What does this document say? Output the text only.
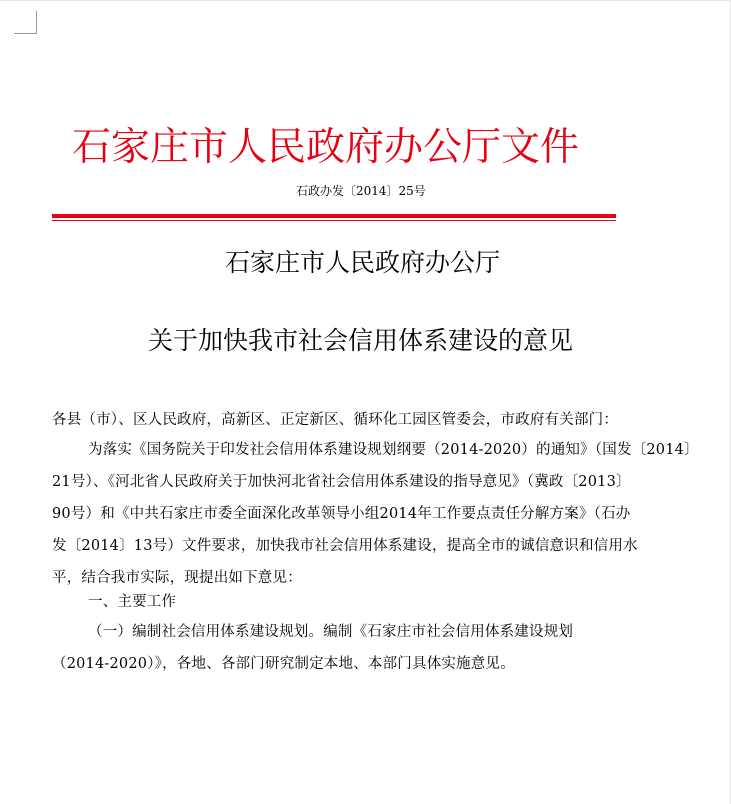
石家庄市人民政府办公厅文件
石政办发〔2014〕25号
石家庄市人民政府办公厅
关于加快我市社会信用体系建设的意见
各县（市）、区人民政府，高新区、正定新区、循环化工园区管委会，市政府有关部门：
为落实《国务院关于印发社会信用体系建设规划纲要（2014-2020）的通知》（国发〔2014〕
21号）、《河北省人民政府关于加快河北省社会信用体系建设的指导意见》（冀政〔2013〕
90号）和《中共石家庄市委全面深化改革领导小组2014年工作要点责任分解方案》（石办
发〔2014〕13号）文件要求，加快我市社会信用体系建设，提高全市的诚信意识和信用水
平，结合我市实际，现提出如下意见：
一、主要工作
（一）编制社会信用体系建设规划。编制《石家庄市社会信用体系建设规划
（2014-2020）》，各地、各部门研究制定本地、本部门具体实施意见。
